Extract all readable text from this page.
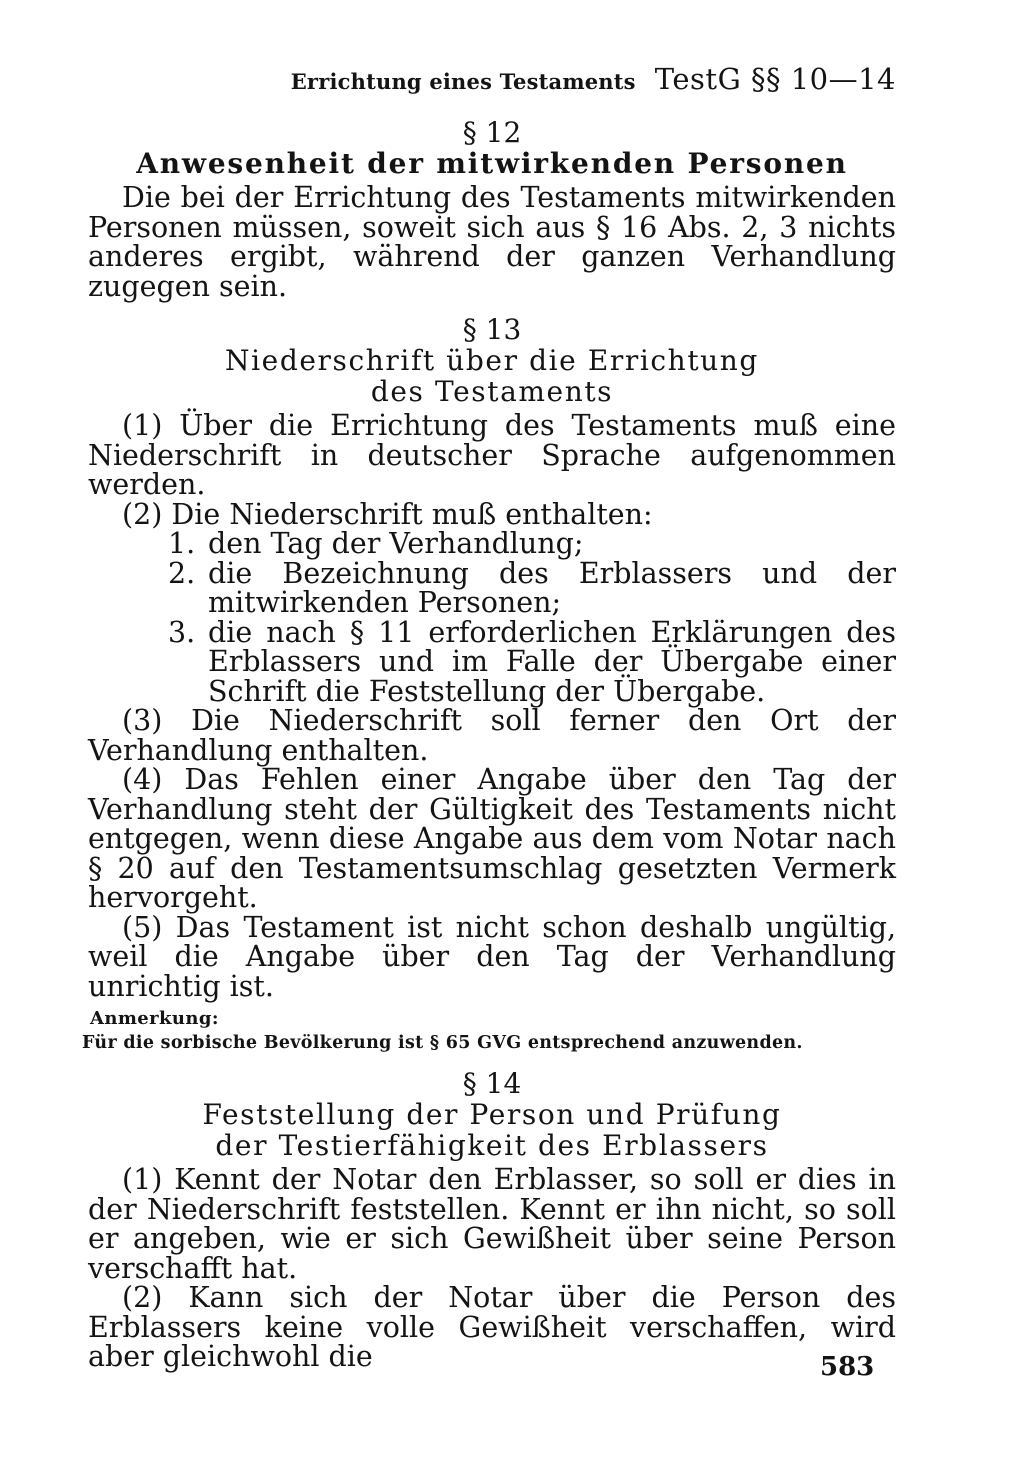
Errichtung eines Testaments TestG §§ 10—14

§ 12

Anwesenheit der mitwirkenden Personen

Die bei der Errichtung des Testaments mitwirkenden Personen müssen, soweit sich aus § 16 Abs. 2, 3 nichts anderes ergibt, während der ganzen Verhandlung zugegen sein.

§ 13

Niederschrift über die Errichtung
des Testaments

(1) Über die Errichtung des Testaments muß eine Niederschrift in deutscher Sprache aufgenommen werden.

(2) Die Niederschrift muß enthalten:

1. den Tag der Verhandlung;
2. die Bezeichnung des Erblassers und der mitwirkenden Personen;
3. die nach § 11 erforderlichen Erklärungen des Erblassers und im Falle der Übergabe einer Schrift die Feststellung der Übergabe.

(3) Die Niederschrift soll ferner den Ort der Verhandlung enthalten.

(4) Das Fehlen einer Angabe über den Tag der Verhandlung steht der Gültigkeit des Testaments nicht entgegen, wenn diese Angabe aus dem vom Notar nach § 20 auf den Testamentsumschlag gesetzten Vermerk hervorgeht.

(5) Das Testament ist nicht schon deshalb ungültig, weil die Angabe über den Tag der Verhandlung unrichtig ist.

Anmerkung:

Für die sorbische Bevölkerung ist § 65 GVG entsprechend anzuwenden.

§ 14

Feststellung der Person und Prüfung
der Testierfähigkeit des Erblassers

(1) Kennt der Notar den Erblasser, so soll er dies in der Niederschrift feststellen. Kennt er ihn nicht, so soll er angeben, wie er sich Gewißheit über seine Person verschafft hat.

(2) Kann sich der Notar über die Person des Erblassers keine volle Gewißheit verschaffen, wird aber gleichwohl die	583
